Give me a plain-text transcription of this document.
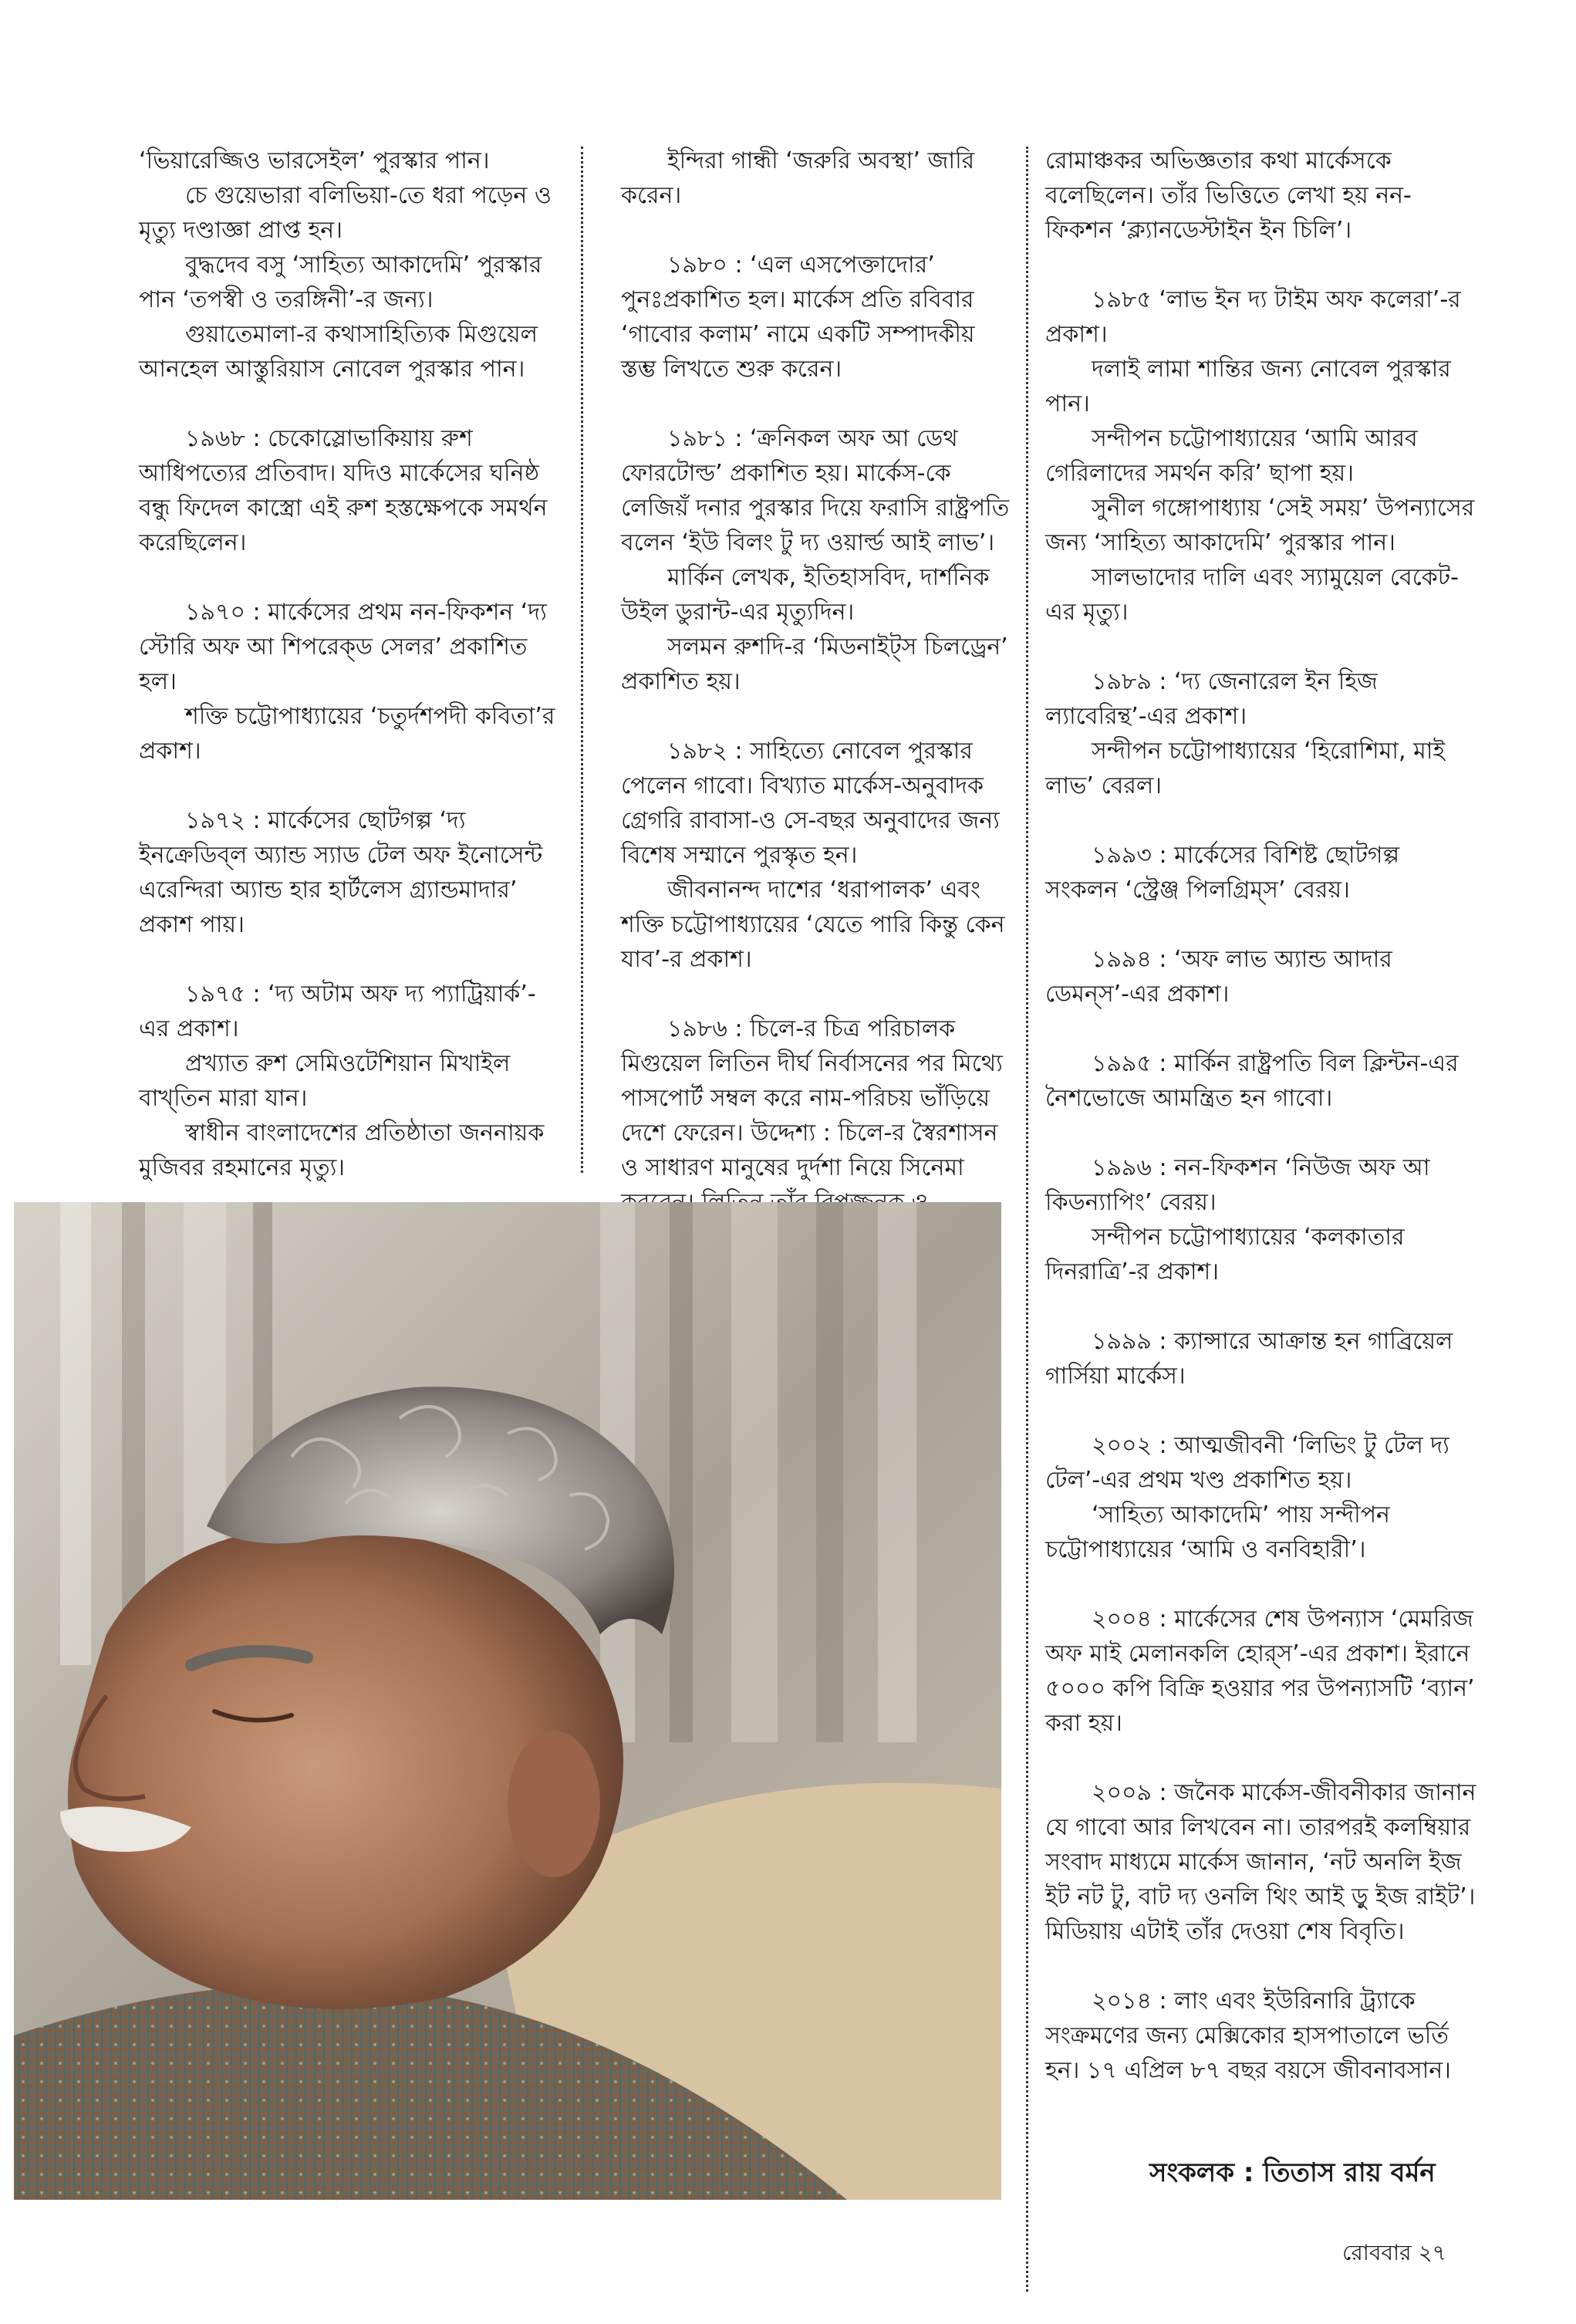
‘ভিয়ারেজ্জিও ভারসেইল’ পুরস্কার পান।

চে গুয়েভারা বলিভিয়া-তে ধরা পড়েন ও মৃত্যু দণ্ডাজ্ঞা প্রাপ্ত হন।

বুদ্ধদেব বসু ‘সাহিত্য আকাদেমি’ পুরস্কার পান ‘তপস্বী ও তরঙ্গিনী’-র জন্য।

গুয়াতেমালা-র কথাসাহিত্যিক মিগুয়েল আনহেল আস্তুরিয়াস নোবেল পুরস্কার পান।

১৯৬৮ : চেকোস্লোভাকিয়ায় রুশ আধিপত্যের প্রতিবাদ। যদিও মার্কেসের ঘনিষ্ঠ বন্ধু ফিদেল কাস্ত্রো এই রুশ হস্তক্ষেপকে সমর্থন করেছিলেন।

১৯৭০ : মার্কেসের প্রথম নন-ফিকশন ‘দ্য স্টোরি অফ আ শিপরেক্ড সেলর’ প্রকাশিত হল।

শক্তি চট্টোপাধ্যায়ের ‘চতুর্দশপদী কবিতা’র প্রকাশ।

১৯৭২ : মার্কেসের ছোটগল্প ‘দ্য ইনক্রেডিব্‌ল অ্যান্ড স্যাড টেল অফ ইনোসেন্ট এরেন্দিরা অ্যান্ড হার হার্টলেস গ্র্যান্ডমাদার’ প্রকাশ পায়।

১৯৭৫ : ‘দ্য অটাম অফ দ্য প্যাট্রিয়ার্ক’-এর প্রকাশ।

প্রখ্যাত রুশ সেমিওটেশিয়ান মিখাইল বাখ্‌তিন মারা যান।

স্বাধীন বাংলাদেশের প্রতিষ্ঠাতা জননায়ক মুজিবর রহমানের মৃত্যু।

ইন্দিরা গান্ধী ‘জরুরি অবস্থা’ জারি করেন।

১৯৮০ : ‘এল এসপেক্তাদোর’ পুনঃপ্রকাশিত হল। মার্কেস প্রতি রবিবার ‘গাবোর কলাম’ নামে একটি সম্পাদকীয় স্তম্ভ লিখতে শুরু করেন।

১৯৮১ : ‘ক্রনিকল অফ আ ডেথ ফোরটোল্ড’ প্রকাশিত হয়। মার্কেস-কে লেজিয়ঁ দনার পুরস্কার দিয়ে ফরাসি রাষ্ট্রপতি বলেন ‘ইউ বিলং টু দ্য ওয়ার্ল্ড আই লাভ’।

মার্কিন লেখক, ইতিহাসবিদ, দার্শনিক উইল ডুরান্ট-এর মৃত্যুদিন।

সলমন রুশদি-র ‘মিডনাইট্‌স চিলড্রেন’ প্রকাশিত হয়।

১৯৮২ : সাহিত্যে নোবেল পুরস্কার পেলেন গাবো। বিখ্যাত মার্কেস-অনুবাদক গ্রেগরি রাবাসা-ও সে-বছর অনুবাদের জন্য বিশেষ সম্মানে পুরস্কৃত হন।

জীবনানন্দ দাশের ‘ধরাপালক’ এবং শক্তি চট্টোপাধ্যায়ের ‘যেতে পারি কিন্তু কেন যাব’-র প্রকাশ।

১৯৮৬ : চিলে-র চিত্র পরিচালক মিগুয়েল লিতিন দীর্ঘ নির্বাসনের পর মিথ্যে পাসপোর্ট সম্বল করে নাম-পরিচয় ভাঁড়িয়ে দেশে ফেরেন। উদ্দেশ্য : চিলে-র স্বৈরশাসন ও সাধারণ মানুষের দুর্দশা নিয়ে সিনেমা

রোমাঞ্চকর অভিজ্ঞতার কথা মার্কেসকে বলেছিলেন। তাঁর ভিত্তিতে লেখা হয় নন-ফিকশন ‘ক্ল্যানডেস্টাইন ইন চিলি’।

১৯৮৫ ‘লাভ ইন দ্য টাইম অফ কলেরা’-র প্রকাশ।

দলাই লামা শান্তির জন্য নোবেল পুরস্কার পান।

সন্দীপন চট্টোপাধ্যায়ের ‘আমি আরব গেরিলাদের সমর্থন করি’ ছাপা হয়।

সুনীল গঙ্গোপাধ্যায় ‘সেই সময়’ উপন্যাসের জন্য ‘সাহিত্য আকাদেমি’ পুরস্কার পান।

সালভাদোর দালি এবং স্যামুয়েল বেকেট-এর মৃত্যু।

১৯৮৯ : ‘দ্য জেনারেল ইন হিজ ল্যাবেরিন্থ’-এর প্রকাশ।

সন্দীপন চট্টোপাধ্যায়ের ‘হিরোশিমা, মাই লাভ’ বেরল।

১৯৯৩ : মার্কেসের বিশিষ্ট ছোটগল্প সংকলন ‘স্ট্রেঞ্জ পিলগ্রিম্‌স’ বেরয়।

১৯৯৪ : ‘অফ লাভ অ্যান্ড আদার ডেমন্‌স’-এর প্রকাশ।

১৯৯৫ : মার্কিন রাষ্ট্রপতি বিল ক্লিন্টন-এর নৈশভোজে আমন্ত্রিত হন গাবো।

১৯৯৬ : নন-ফিকশন ‘নিউজ অফ আ কিডন্যাপিং’ বেরয়।

সন্দীপন চট্টোপাধ্যায়ের ‘কলকাতার দিনরাত্রি’-র প্রকাশ।

১৯৯৯ : ক্যান্সারে আক্রান্ত হন গাব্রিয়েল গার্সিয়া মার্কেস।

২০০২ : আত্মজীবনী ‘লিভিং টু টেল দ্য টেল’-এর প্রথম খণ্ড প্রকাশিত হয়।

‘সাহিত্য আকাদেমি’ পায় সন্দীপন চট্টোপাধ্যায়ের ‘আমি ও বনবিহারী’।

২০০৪ : মার্কেসের শেষ উপন্যাস ‘মেমরিজ অফ মাই মেলানকলি হোর্‌স’-এর প্রকাশ। ইরানে ৫০০০ কপি বিক্রি হওয়ার পর উপন্যাসটি ‘ব্যান’ করা হয়।

২০০৯ : জনৈক মার্কেস-জীবনীকার জানান যে গাবো আর লিখবেন না। তারপরই কলম্বিয়ার সংবাদ মাধ্যমে মার্কেস জানান, ‘নট অনলি ইজ ইট নট টু, বাট দ্য ওনলি থিং আই ড়ু ইজ রাইট’। মিডিয়ায় এটাই তাঁর দেওয়া শেষ বিবৃতি।

২০১৪ : লাং এবং ইউরিনারি ট্র্যাকে সংক্রমণের জন্য মেক্সিকোর হাসপাতালে ভর্তি হন। ১৭ এপ্রিল ৮৭ বছর বয়সে জীবনাবসান।

সংকলক : তিতাস রায় বর্মন
রোববার ২৭
